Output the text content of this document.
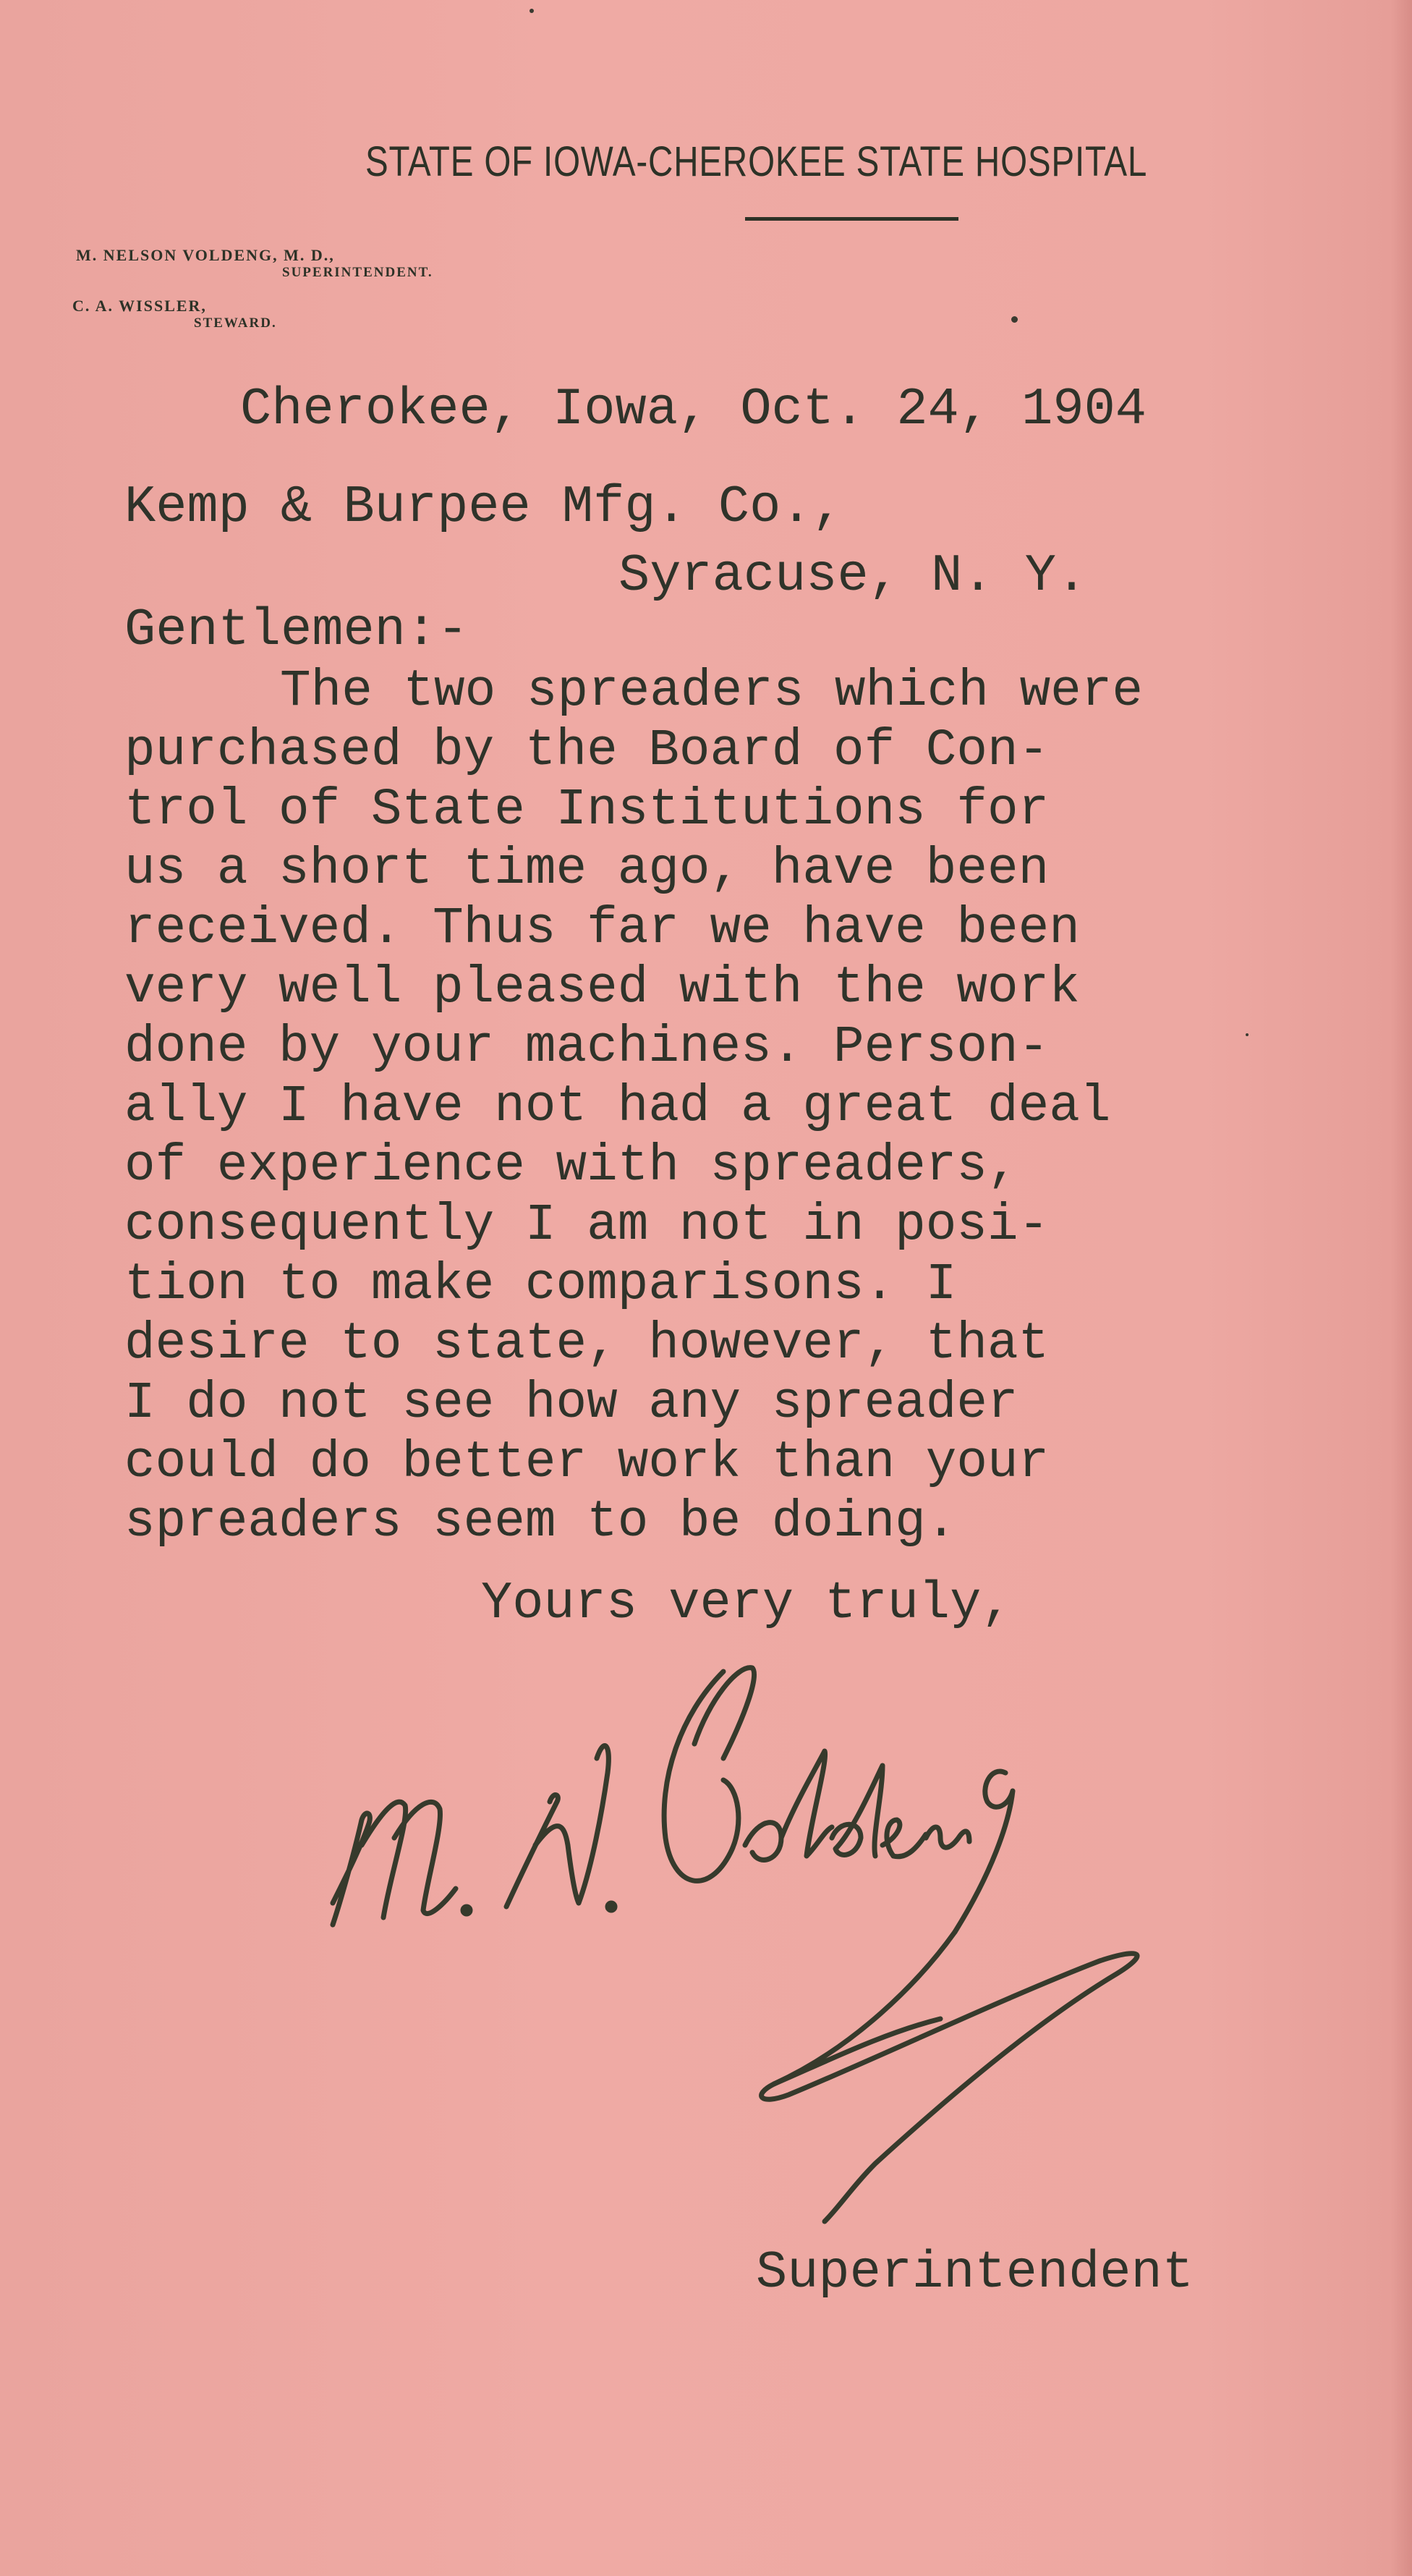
STATE OF IOWA-CHEROKEE STATE HOSPITAL
M. NELSON VOLDENG, M. D.,
SUPERINTENDENT.
C. A. WISSLER,
STEWARD.
Cherokee, Iowa, Oct. 24, 1904
Kemp & Burpee Mfg. Co.,
Syracuse, N. Y.
Gentlemen:-
The two spreaders which were
purchased by the Board of Con-
trol of State Institutions for
us a short time ago, have been
received. Thus far we have been
very well pleased with the work
done by your machines. Person-
ally I have not had a great deal
of experience with spreaders,
consequently I am not in posi-
tion to make comparisons. I
desire to state, however, that
I do not see how any spreader
could do better work than your
spreaders seem to be doing.
Yours very truly,
Superintendent
